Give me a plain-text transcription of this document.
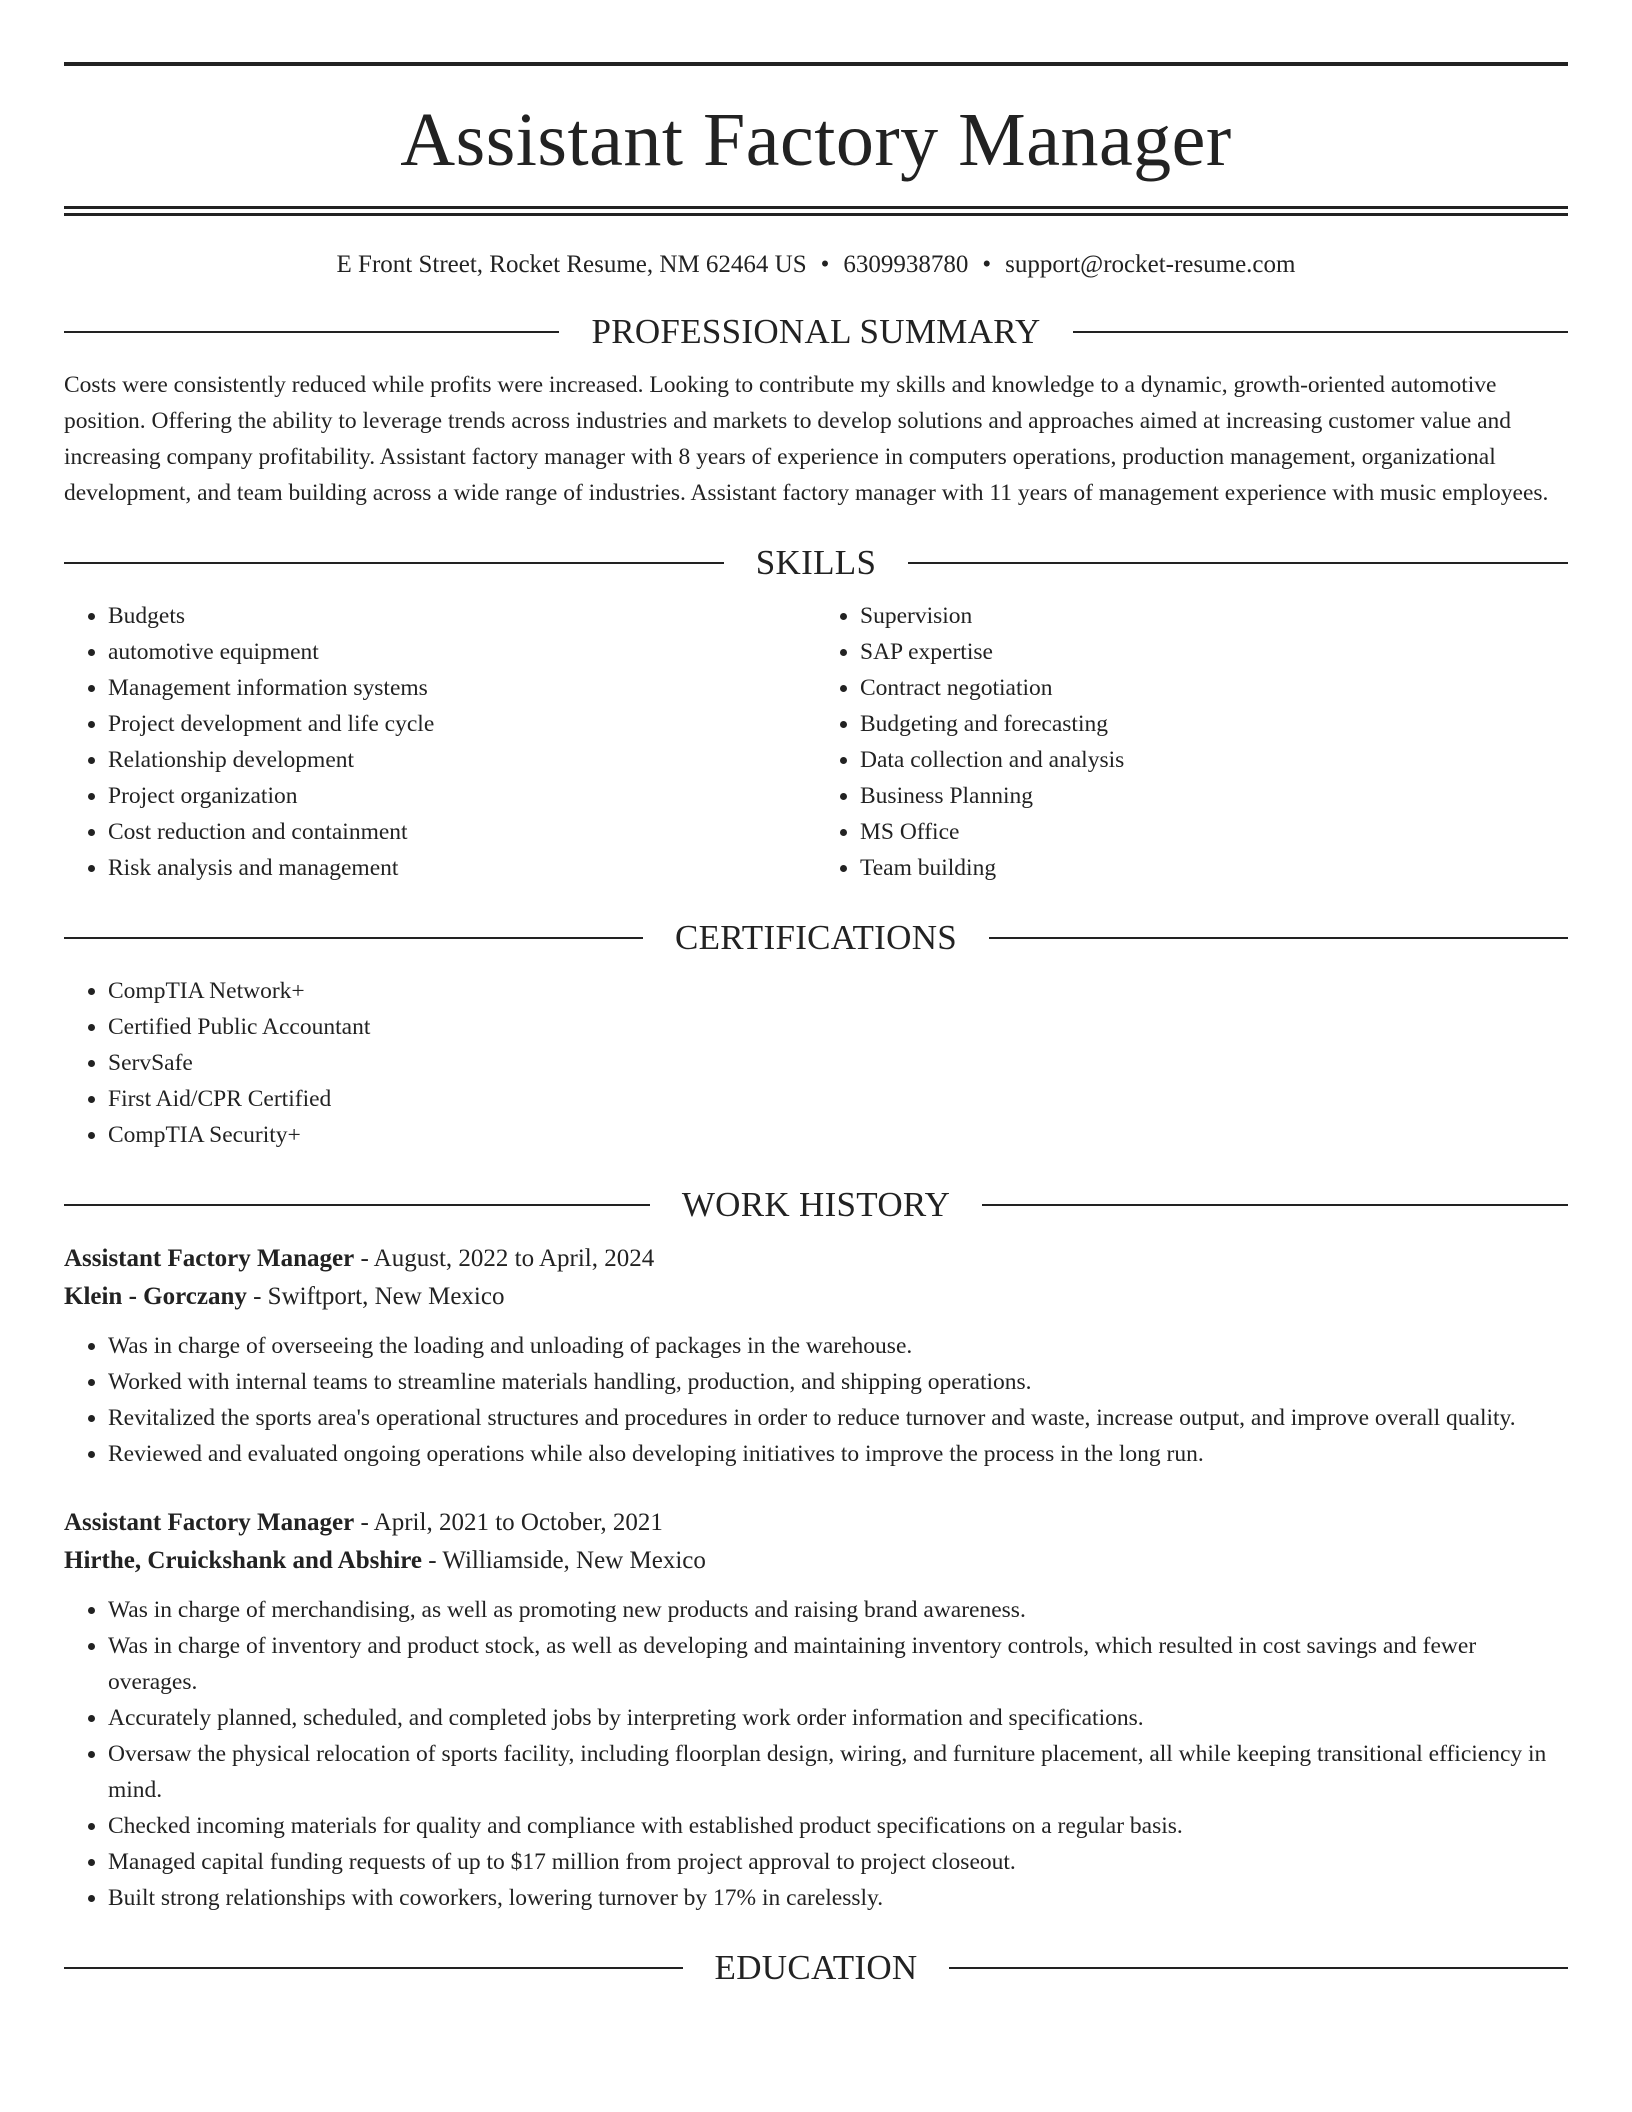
Assistant Factory Manager
E Front Street, Rocket Resume, NM 62464 US • 6309938780 • support@rocket-resume.com
PROFESSIONAL SUMMARY

Costs were consistently reduced while profits were increased. Looking to contribute my skills and knowledge to a dynamic, growth-oriented automotive position. Offering the ability to leverage trends across industries and markets to develop solutions and approaches aimed at increasing customer value and increasing company profitability. Assistant factory manager with 8 years of experience in computers operations, production management, organizational development, and team building across a wide range of industries. Assistant factory manager with 11 years of management experience with music employees.

SKILLS
• Budgets
• automotive equipment
• Management information systems
• Project development and life cycle
• Relationship development
• Project organization
• Cost reduction and containment
• Risk analysis and management
• Supervision
• SAP expertise
• Contract negotiation
• Budgeting and forecasting
• Data collection and analysis
• Business Planning
• MS Office
• Team building
CERTIFICATIONS
• CompTIA Network+
• Certified Public Accountant
• ServSafe
• First Aid/CPR Certified
• CompTIA Security+
WORK HISTORY
Assistant Factory Manager - August, 2022 to April, 2024
Klein - Gorczany - Swiftport, New Mexico
• Was in charge of overseeing the loading and unloading of packages in the warehouse.
• Worked with internal teams to streamline materials handling, production, and shipping operations.
• Revitalized the sports area's operational structures and procedures in order to reduce turnover and waste, increase output, and improve overall quality.
• Reviewed and evaluated ongoing operations while also developing initiatives to improve the process in the long run.
Assistant Factory Manager - April, 2021 to October, 2021
Hirthe, Cruickshank and Abshire - Williamside, New Mexico
• Was in charge of merchandising, as well as promoting new products and raising brand awareness.
• Was in charge of inventory and product stock, as well as developing and maintaining inventory controls, which resulted in cost savings and fewer overages.
• Accurately planned, scheduled, and completed jobs by interpreting work order information and specifications.
• Oversaw the physical relocation of sports facility, including floorplan design, wiring, and furniture placement, all while keeping transitional efficiency in mind.
• Checked incoming materials for quality and compliance with established product specifications on a regular basis.
• Managed capital funding requests of up to $17 million from project approval to project closeout.
• Built strong relationships with coworkers, lowering turnover by 17% in carelessly.
EDUCATION
